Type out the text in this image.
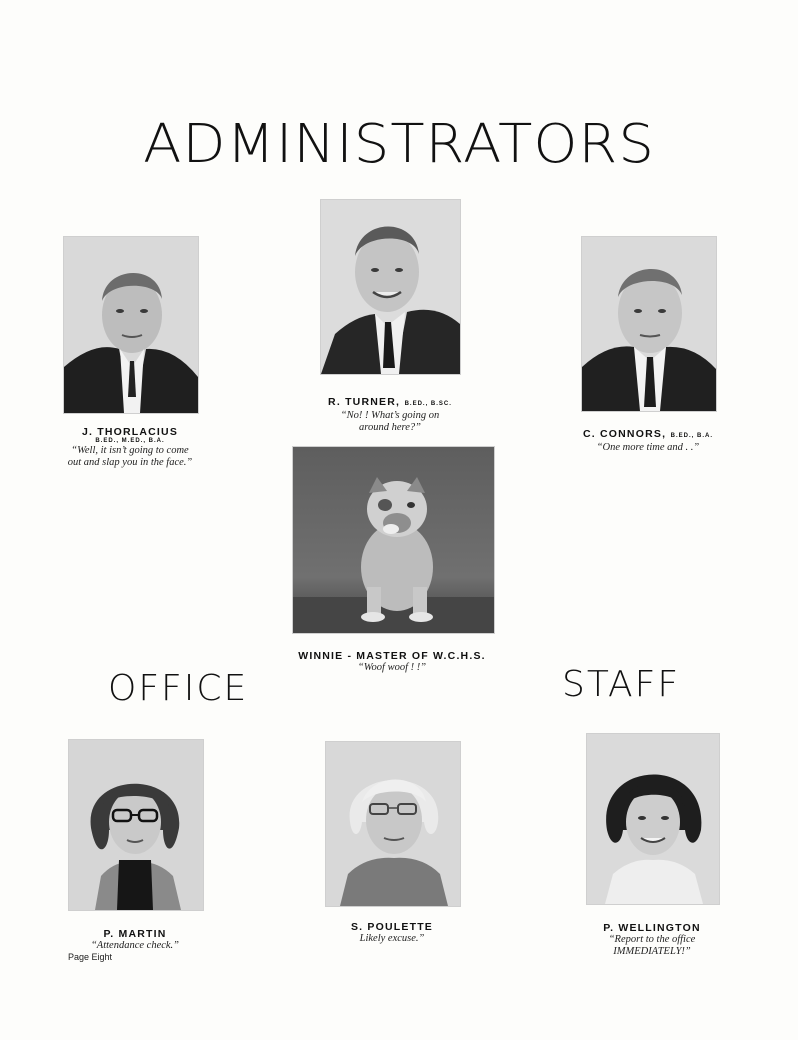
ADMINISTRATORS
J. THORLACIUS
B.ED., M.ED., B.A.
“Well, it isn’t going to come out and slap you in the face.”
R. TURNER, B.ED., B.SC.
“No! ! What’s going on around here?”
C. CONNORS, B.ED., B.A.
“One more time and . .”
WINNIE - MASTER OF W.C.H.S.
“Woof woof ! !”
OFFICE	STAFF
P. MARTIN
“Attendance check.”
Page Eight
S. POULETTE
Likely excuse.”
P. WELLINGTON
“Report to the office
IMMEDIATELY!”
